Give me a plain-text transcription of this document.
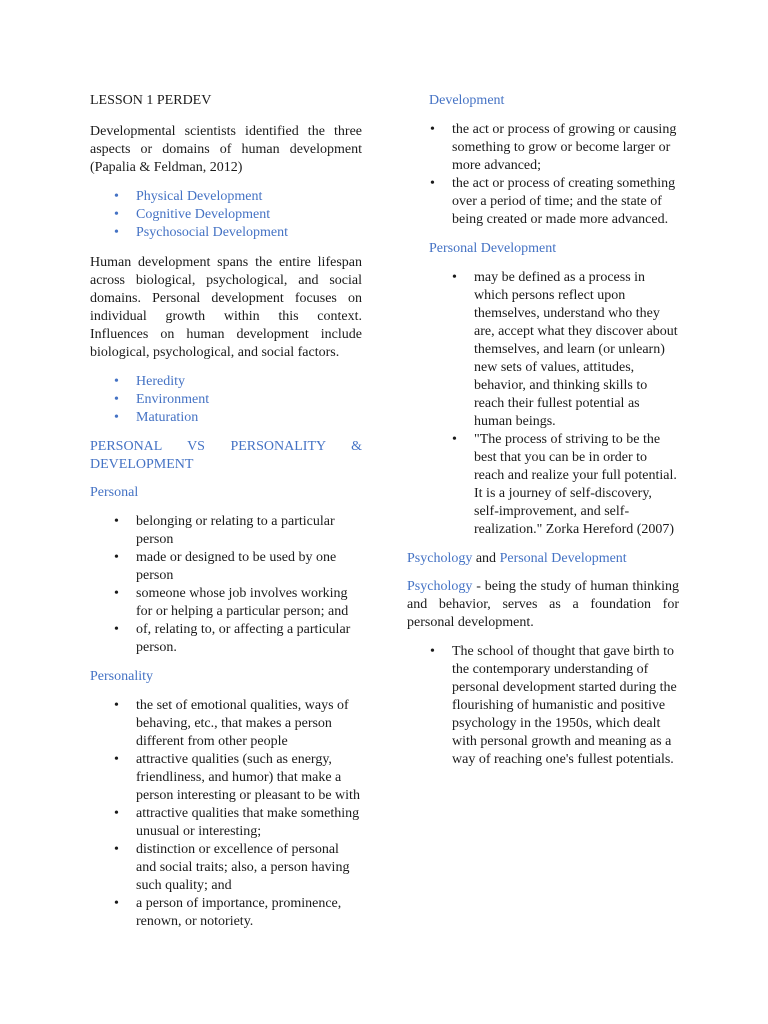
LESSON 1 PERDEV

Developmental scientists identified the three aspects or domains of human development (Papalia & Feldman, 2012)

• Physical Development
• Cognitive Development
• Psychosocial Development

Human development spans the entire lifespan across biological, psychological, and social domains. Personal development focuses on individual growth within this context. Influences on human development include biological, psychological, and social factors.

• Heredity
• Environment
• Maturation

PERSONAL VS PERSONALITY & DEVELOPMENT

Personal

• belonging or relating to a particular person
• made or designed to be used by one person
• someone whose job involves working for or helping a particular person; and
• of, relating to, or affecting a particular person.

Personality

• the set of emotional qualities, ways of behaving, etc., that makes a person different from other people
• attractive qualities (such as energy, friendliness, and humor) that make a person interesting or pleasant to be with
• attractive qualities that make something unusual or interesting;
• distinction or excellence of personal and social traits; also, a person having such quality; and
• a person of importance, prominence, renown, or notoriety.

Development

• the act or process of growing or causing something to grow or become larger or more advanced;
• the act or process of creating something over a period of time; and the state of being created or made more advanced.

Personal Development

• may be defined as a process in which persons reflect upon themselves, understand who they are, accept what they discover about themselves, and learn (or unlearn) new sets of values, attitudes, behavior, and thinking skills to reach their fullest potential as human beings.
• "The process of striving to be the best that you can be in order to reach and realize your full potential. It is a journey of self-discovery, self-improvement, and self-realization." Zorka Hereford (2007)

Psychology and Personal Development

Psychology - being the study of human thinking and behavior, serves as a foundation for personal development.

• The school of thought that gave birth to the contemporary understanding of personal development started during the flourishing of humanistic and positive psychology in the 1950s, which dealt with personal growth and meaning as a way of reaching one's fullest potentials.
